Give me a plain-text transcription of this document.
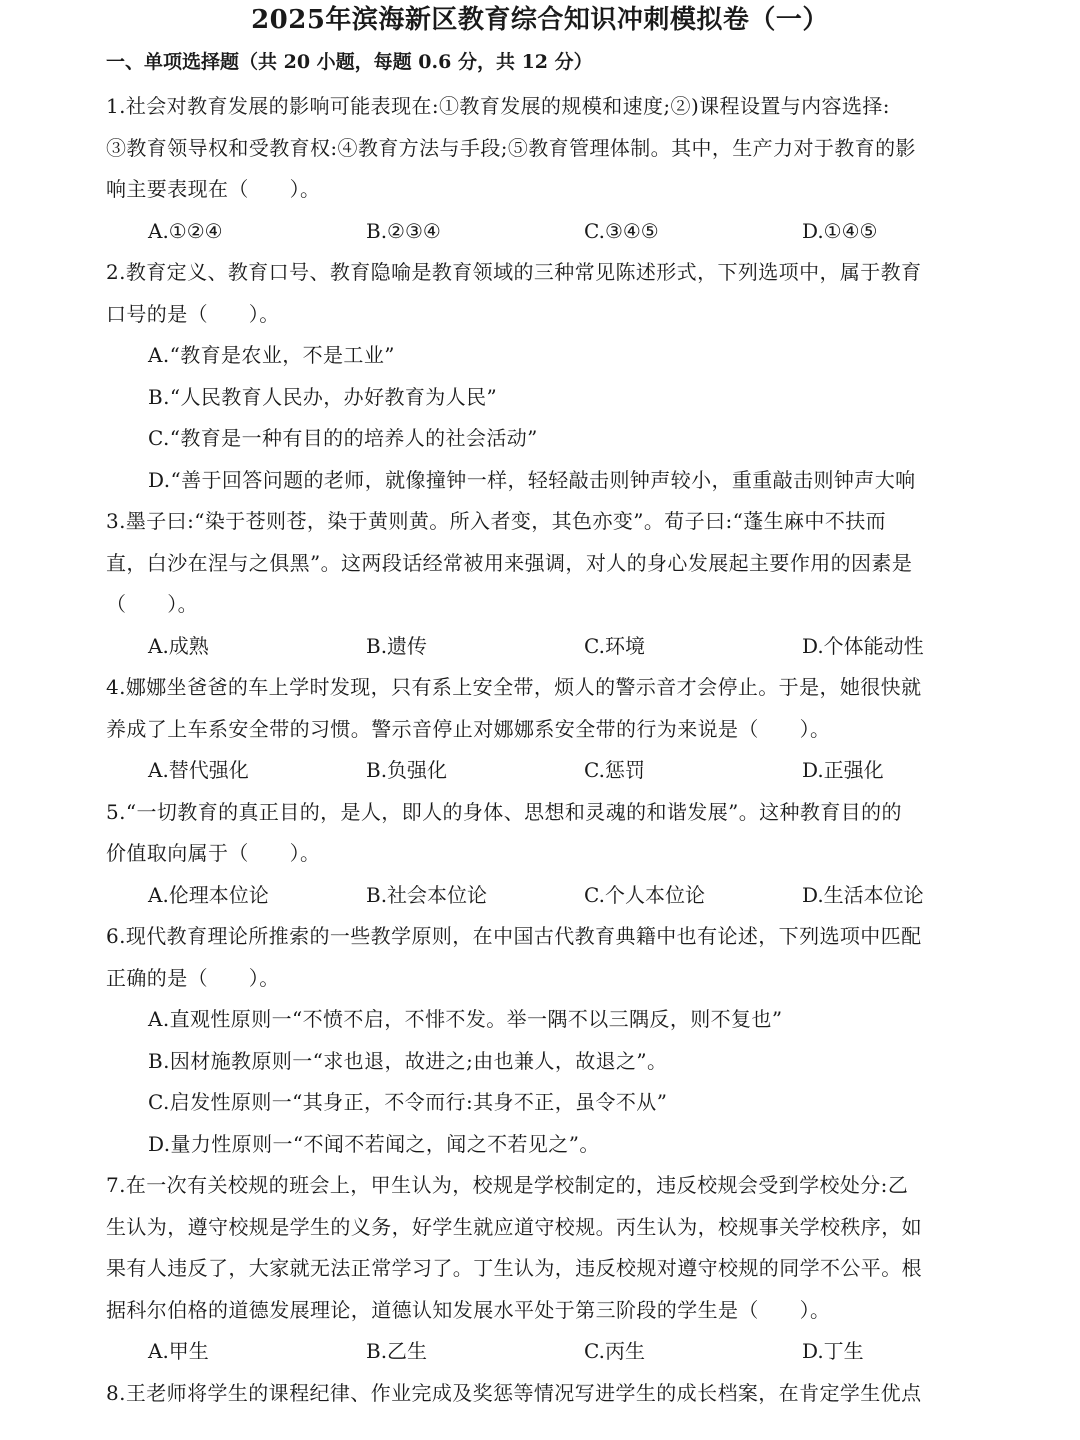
2025年滨海新区教育综合知识冲刺模拟卷（一）
一、单项选择题（共 20 小题，每题 0.6 分，共 12 分）
1.社会对教育发展的影响可能表现在:①教育发展的规模和速度;②)课程设置与内容选择:
③教育领导权和受教育权:④教育方法与手段;⑤教育管理体制。其中，生产力对于教育的影
响主要表现在（　　）。
A.①②④	B.②③④	C.③④⑤	D.①④⑤
2.教育定义、教育口号、教育隐喻是教育领域的三种常见陈述形式，下列选项中，属于教育
口号的是（　　）。
A.“教育是农业，不是工业”
B.“人民教育人民办，办好教育为人民”
C.“教育是一种有目的的培养人的社会活动”
D.“善于回答问题的老师，就像撞钟一样，轻轻敲击则钟声较小，重重敲击则钟声大响
3.墨子曰:“染于苍则苍，染于黄则黄。所入者变，其色亦变”。荀子曰:“蓬生麻中不扶而
直，白沙在涅与之俱黑”。这两段话经常被用来强调，对人的身心发展起主要作用的因素是
（　　）。
A.成熟	B.遗传	C.环境	D.个体能动性
4.娜娜坐爸爸的车上学时发现，只有系上安全带，烦人的警示音才会停止。于是，她很快就
养成了上车系安全带的习惯。警示音停止对娜娜系安全带的行为来说是（　　）。
A.替代强化	B.负强化	C.惩罚	D.正强化
5.“一切教育的真正目的，是人，即人的身体、思想和灵魂的和谐发展”。这种教育目的的
价值取向属于（　　）。
A.伦理本位论	B.社会本位论	C.个人本位论	D.生活本位论
6.现代教育理论所推索的一些教学原则，在中国古代教育典籍中也有论述，下列选项中匹配
正确的是（　　）。
A.直观性原则一“不愤不启，不悱不发。举一隅不以三隅反，则不复也”
B.因材施教原则一“求也退，故进之;由也兼人，故退之”。
C.启发性原则一“其身正，不令而行:其身不正，虽令不从”
D.量力性原则一“不闻不若闻之，闻之不若见之”。
7.在一次有关校规的班会上，甲生认为，校规是学校制定的，违反校规会受到学校处分:乙
生认为，遵守校规是学生的义务，好学生就应道守校规。丙生认为，校规事关学校秩序，如
果有人违反了，大家就无法正常学习了。丁生认为，违反校规对遵守校规的同学不公平。根
据科尔伯格的道德发展理论，道德认知发展水平处于第三阶段的学生是（　　）。
A.甲生	B.乙生	C.丙生	D.丁生
8.王老师将学生的课程纪律、作业完成及奖惩等情况写进学生的成长档案，在肯定学生优点
